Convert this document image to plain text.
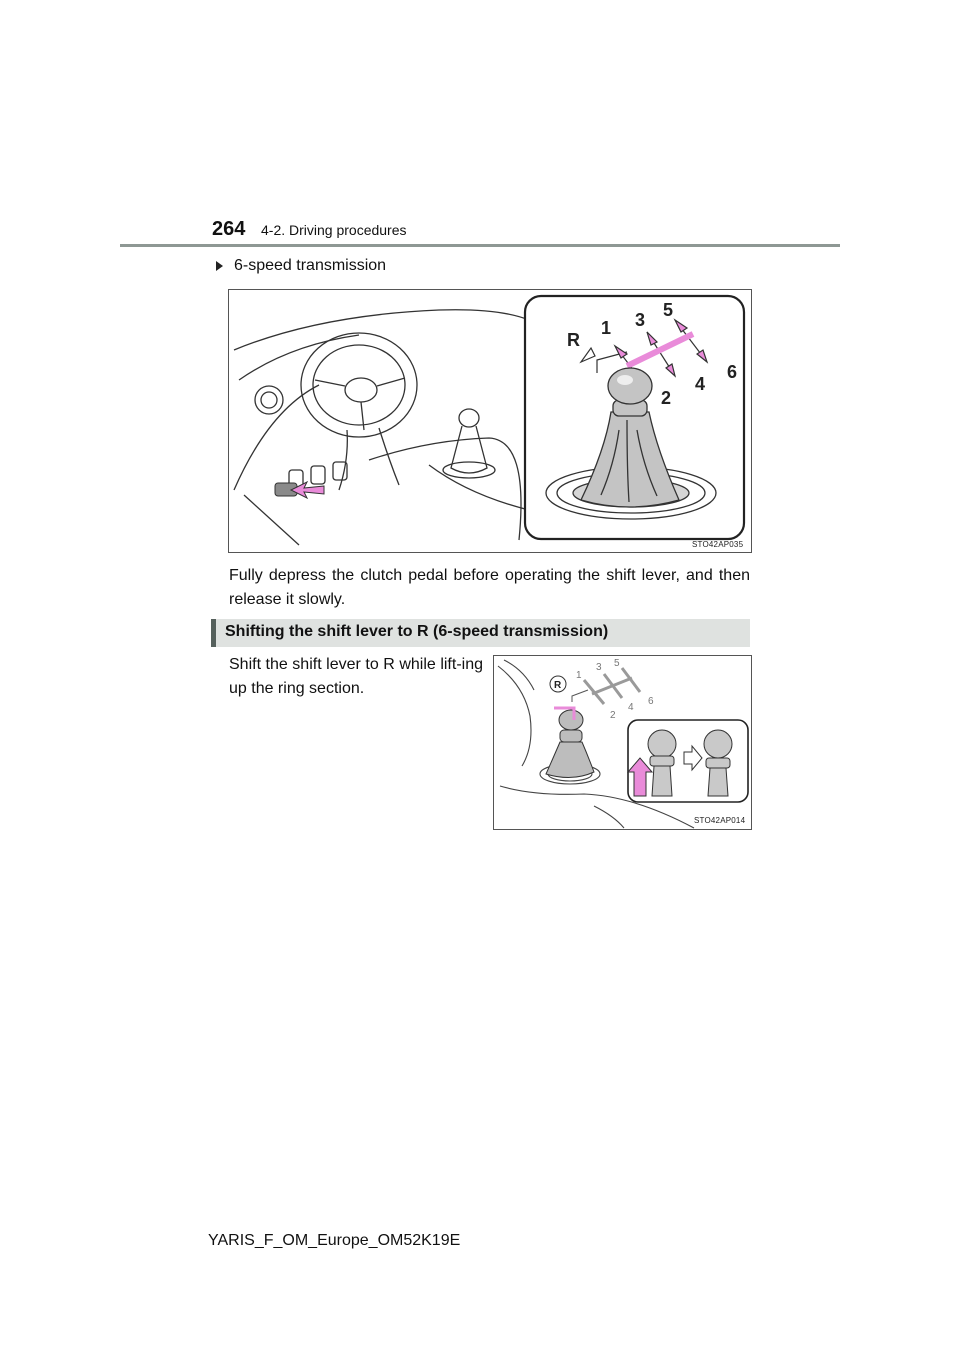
264 4-2. Driving procedures
6-speed transmission
R
1
2
3
4
5
6
STO42AP035
Fully depress the clutch pedal before operating the shift lever, and then release it slowly.
Shifting the shift lever to R (6-speed transmission)
Shift the shift lever to R while lift-ing up the ring section.	R
1
2
3
4
5
6
STO42AP014
YARIS_F_OM_Europe_OM52K19E
